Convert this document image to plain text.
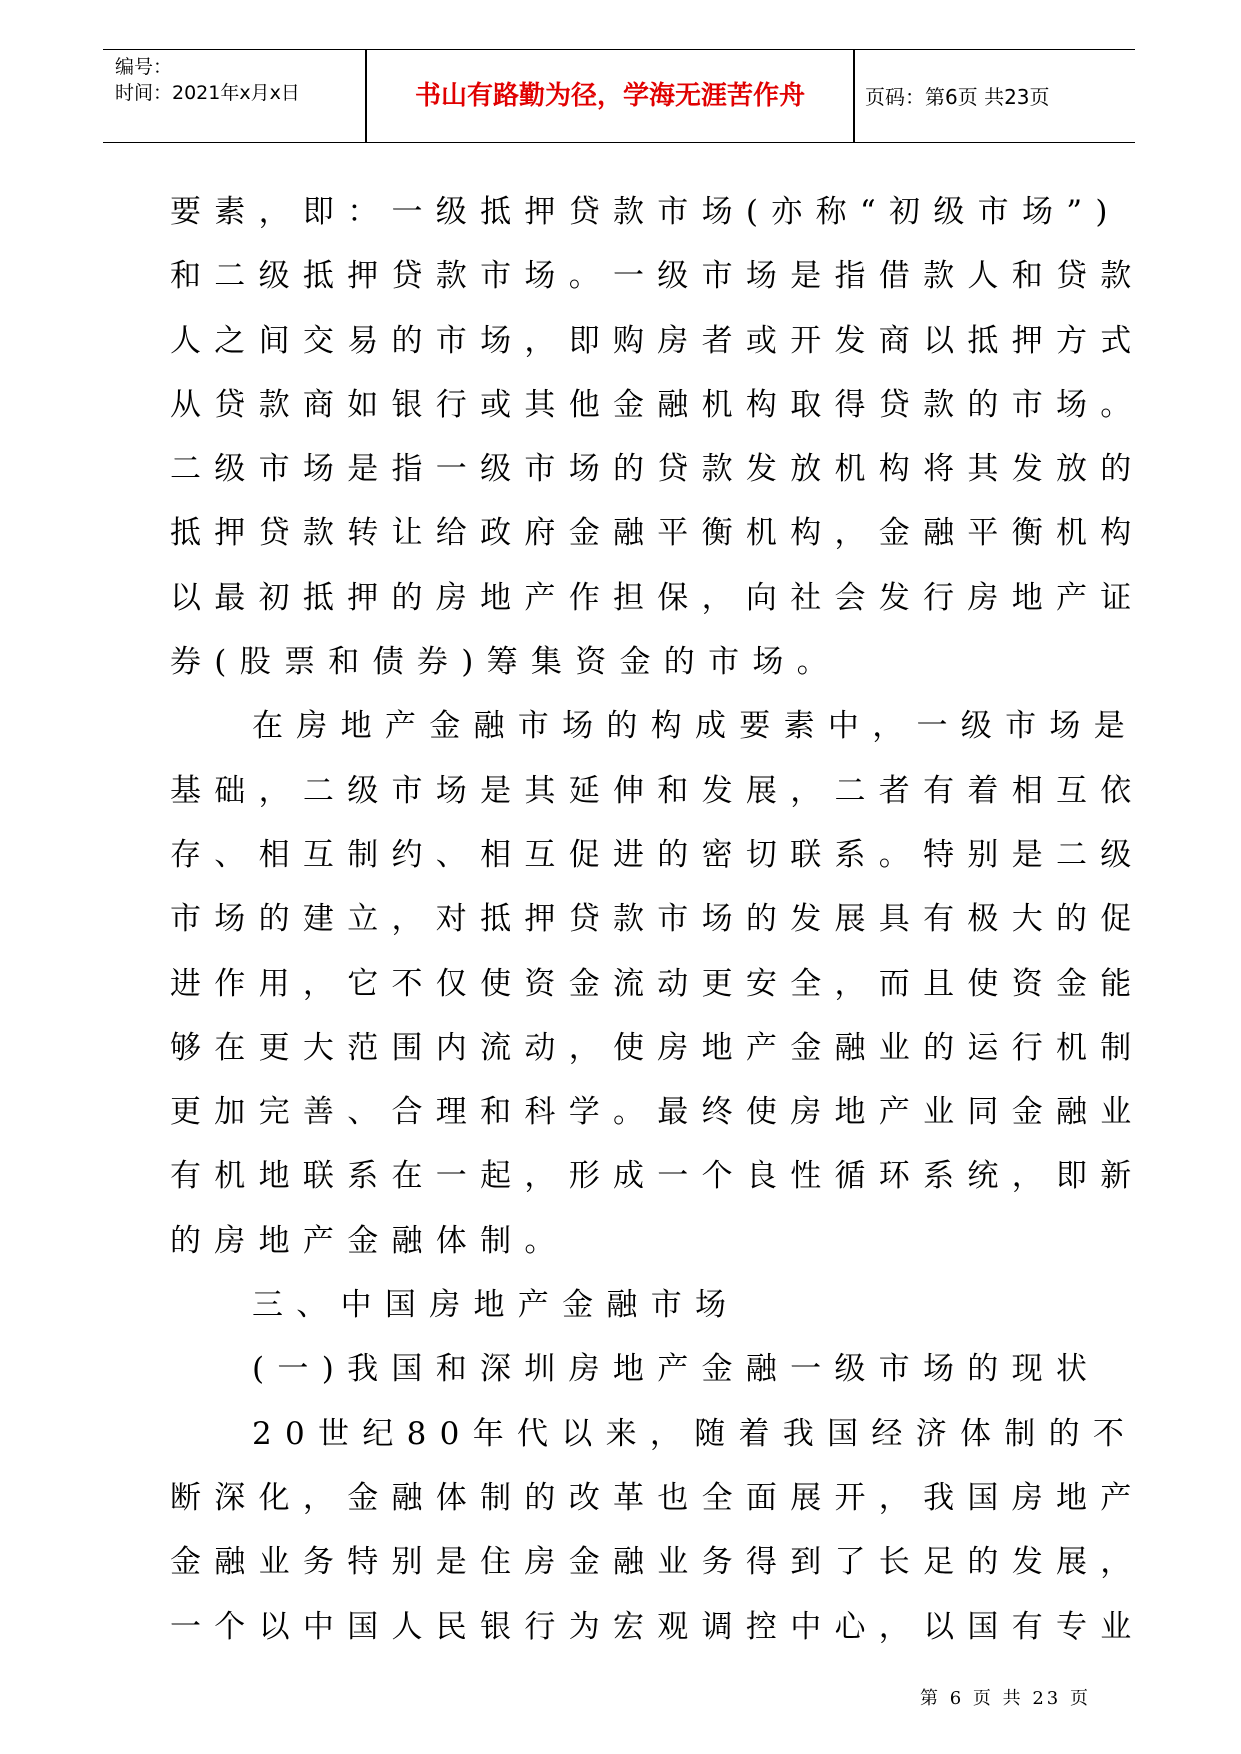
编号：
时间：2021年x月x日	书山有路勤为径，学海无涯苦作舟	页码：第6页 共23页
要素，即：一级抵押贷款市场(亦称“初级市场”)
和二级抵押贷款市场。一级市场是指借款人和贷款
人之间交易的市场，即购房者或开发商以抵押方式
从贷款商如银行或其他金融机构取得贷款的市场。
二级市场是指一级市场的贷款发放机构将其发放的
抵押贷款转让给政府金融平衡机构，金融平衡机构
以最初抵押的房地产作担保，向社会发行房地产证
券(股票和债券)筹集资金的市场。
在房地产金融市场的构成要素中，一级市场是
基础，二级市场是其延伸和发展，二者有着相互依
存、相互制约、相互促进的密切联系。特别是二级
市场的建立，对抵押贷款市场的发展具有极大的促
进作用，它不仅使资金流动更安全，而且使资金能
够在更大范围内流动，使房地产金融业的运行机制
更加完善、合理和科学。最终使房地产业同金融业
有机地联系在一起，形成一个良性循环系统，即新
的房地产金融体制。
三、中国房地产金融市场
(一)我国和深圳房地产金融一级市场的现状
20世纪80年代以来，随着我国经济体制的不
断深化，金融体制的改革也全面展开，我国房地产
金融业务特别是住房金融业务得到了长足的发展，
一个以中国人民银行为宏观调控中心，以国有专业
第 6 页 共 23 页
